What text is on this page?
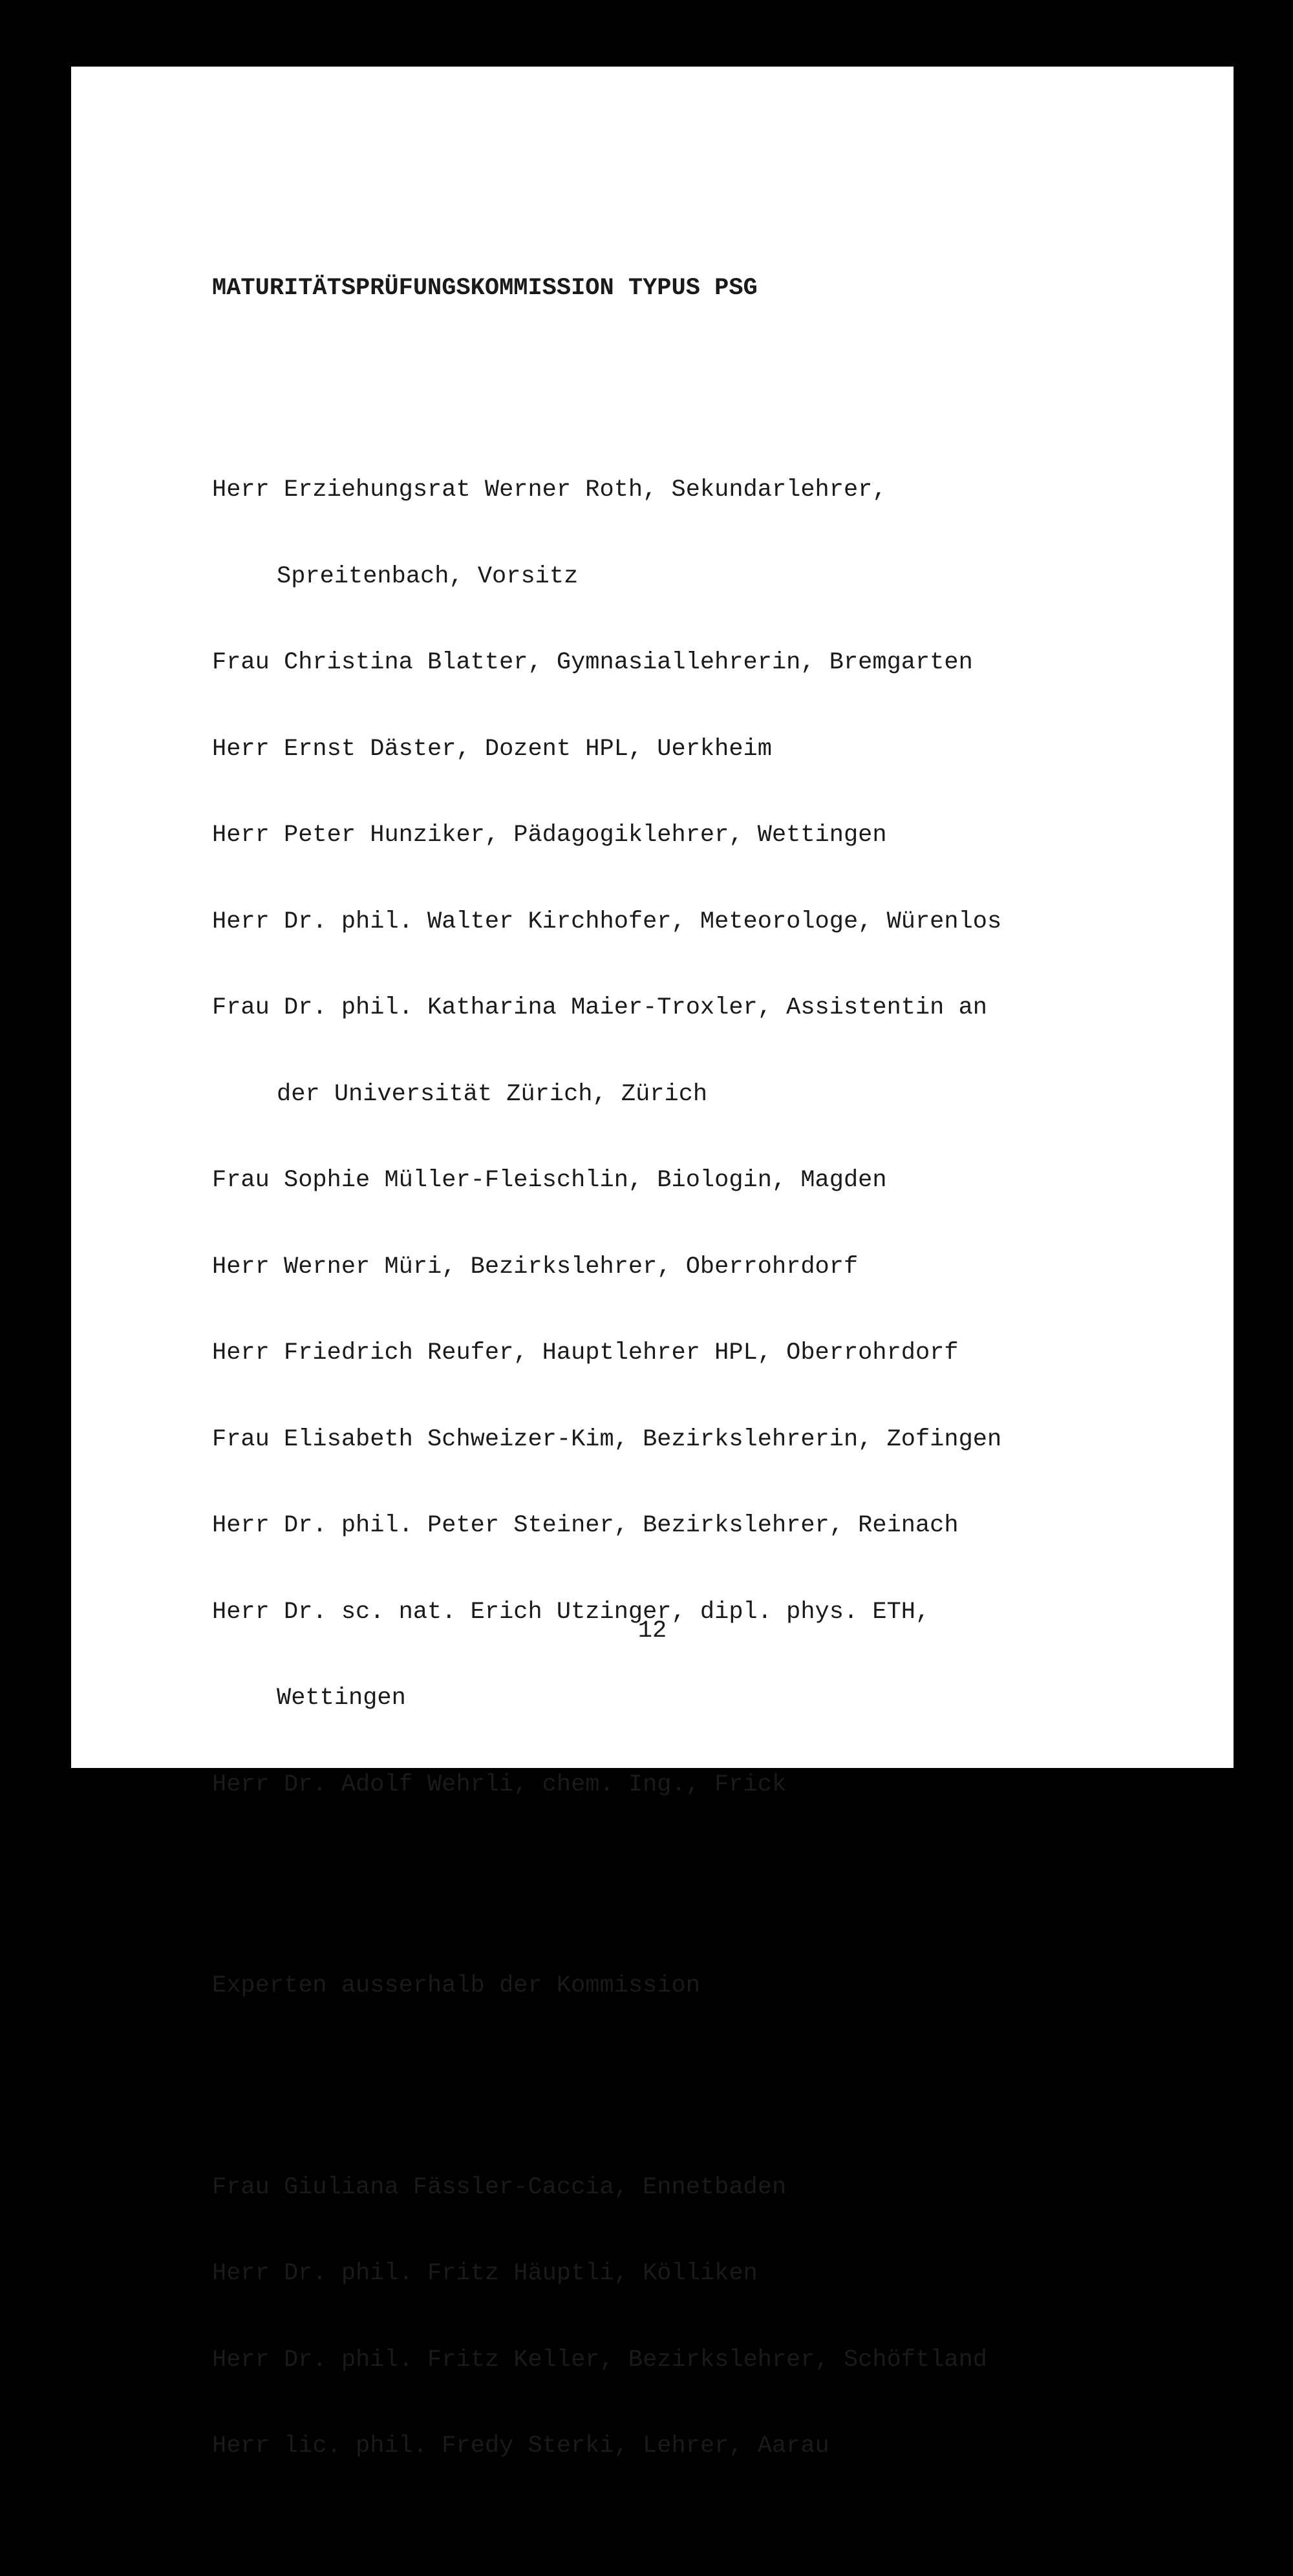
MATURITÄTSPRÜFUNGSKOMMISSION TYPUS PSG

Herr Erziehungsrat Werner Roth, Sekundarlehrer,

Spreitenbach, Vorsitz

Frau Christina Blatter, Gymnasiallehrerin, Bremgarten

Herr Ernst Däster, Dozent HPL, Uerkheim

Herr Peter Hunziker, Pädagogiklehrer, Wettingen

Herr Dr. phil. Walter Kirchhofer, Meteorologe, Würenlos

Frau Dr. phil. Katharina Maier-Troxler, Assistentin an

der Universität Zürich, Zürich

Frau Sophie Müller-Fleischlin, Biologin, Magden

Herr Werner Müri, Bezirkslehrer, Oberrohrdorf

Herr Friedrich Reufer, Hauptlehrer HPL, Oberrohrdorf

Frau Elisabeth Schweizer-Kim, Bezirkslehrerin, Zofingen

Herr Dr. phil. Peter Steiner, Bezirkslehrer, Reinach

Herr Dr. sc. nat. Erich Utzinger, dipl. phys. ETH,

Wettingen

Herr Dr. Adolf Wehrli, chem. Ing., Frick

Experten ausserhalb der Kommission

Frau Giuliana Fässler-Caccia, Ennetbaden

Herr Dr. phil. Fritz Häuptli, Kölliken

Herr Dr. phil. Fritz Keller, Bezirkslehrer, Schöftland

Herr lic. phil. Fredy Sterki, Lehrer, Aarau

12
